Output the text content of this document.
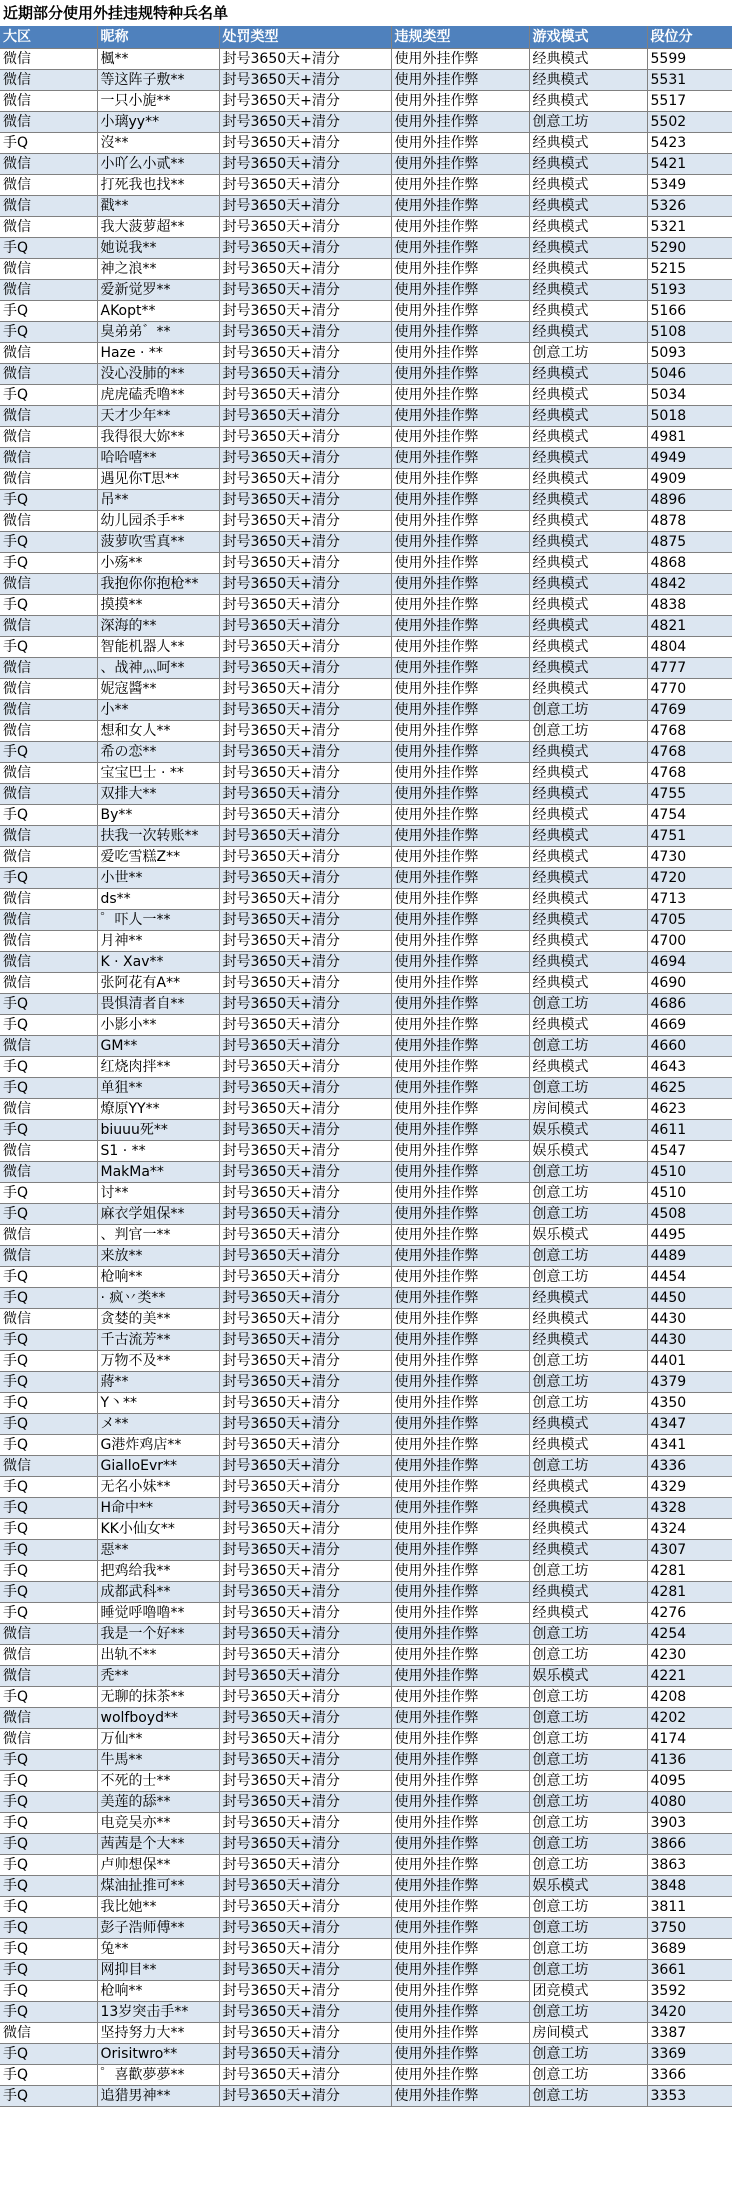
近期部分使用外挂违规特种兵名单
大区	昵称	处罚类型	违规类型	游戏模式	段位分
微信	楓**	封号3650天+清分	使用外挂作弊	经典模式	5599
微信	等这阵子敷**	封号3650天+清分	使用外挂作弊	经典模式	5531
微信	一只小旎**	封号3650天+清分	使用外挂作弊	经典模式	5517
微信	小璃yy**	封号3650天+清分	使用外挂作弊	创意工坊	5502
手Q	沒**	封号3650天+清分	使用外挂作弊	经典模式	5423
微信	小吖么小贰**	封号3650天+清分	使用外挂作弊	经典模式	5421
微信	打死我也找**	封号3650天+清分	使用外挂作弊	经典模式	5349
微信	戳**	封号3650天+清分	使用外挂作弊	经典模式	5326
微信	我大菠萝超**	封号3650天+清分	使用外挂作弊	经典模式	5321
手Q	她说我**	封号3650天+清分	使用外挂作弊	经典模式	5290
微信	神之浪**	封号3650天+清分	使用外挂作弊	经典模式	5215
微信	爱新觉罗**	封号3650天+清分	使用外挂作弊	经典模式	5193
手Q	AKopt**	封号3650天+清分	使用外挂作弊	经典模式	5166
手Q	臭弟弟゛**	封号3650天+清分	使用外挂作弊	经典模式	5108
微信	Haze · **	封号3650天+清分	使用外挂作弊	创意工坊	5093
微信	没心没肺的**	封号3650天+清分	使用外挂作弊	经典模式	5046
手Q	虎虎磕秃噜**	封号3650天+清分	使用外挂作弊	经典模式	5034
微信	天才少年**	封号3650天+清分	使用外挂作弊	经典模式	5018
微信	我得很大妳**	封号3650天+清分	使用外挂作弊	经典模式	4981
微信	哈哈嘻**	封号3650天+清分	使用外挂作弊	经典模式	4949
微信	遇见你T思**	封号3650天+清分	使用外挂作弊	经典模式	4909
手Q	吊**	封号3650天+清分	使用外挂作弊	经典模式	4896
微信	幼儿园杀手**	封号3650天+清分	使用外挂作弊	经典模式	4878
手Q	菠萝吹雪真**	封号3650天+清分	使用外挂作弊	经典模式	4875
手Q	小殇**	封号3650天+清分	使用外挂作弊	经典模式	4868
微信	我抱你你抱枪**	封号3650天+清分	使用外挂作弊	经典模式	4842
手Q	摸摸**	封号3650天+清分	使用外挂作弊	经典模式	4838
微信	深海的**	封号3650天+清分	使用外挂作弊	经典模式	4821
手Q	智能机器人**	封号3650天+清分	使用外挂作弊	经典模式	4804
微信	、战神灬呵**	封号3650天+清分	使用外挂作弊	经典模式	4777
微信	妮寇醬**	封号3650天+清分	使用外挂作弊	经典模式	4770
微信	小**	封号3650天+清分	使用外挂作弊	创意工坊	4769
微信	想和女人**	封号3650天+清分	使用外挂作弊	创意工坊	4768
手Q	希の恋**	封号3650天+清分	使用外挂作弊	经典模式	4768
微信	宝宝巴士 · **	封号3650天+清分	使用外挂作弊	经典模式	4768
微信	双排大**	封号3650天+清分	使用外挂作弊	经典模式	4755
手Q	By**	封号3650天+清分	使用外挂作弊	经典模式	4754
微信	扶我一次转账**	封号3650天+清分	使用外挂作弊	经典模式	4751
微信	爱吃雪糕Z**	封号3650天+清分	使用外挂作弊	经典模式	4730
手Q	小世**	封号3650天+清分	使用外挂作弊	经典模式	4720
微信	ds**	封号3650天+清分	使用外挂作弊	经典模式	4713
微信	゜吓人一**	封号3650天+清分	使用外挂作弊	经典模式	4705
微信	月神**	封号3650天+清分	使用外挂作弊	经典模式	4700
微信	K · Xav**	封号3650天+清分	使用外挂作弊	经典模式	4694
微信	张阿花有A**	封号3650天+清分	使用外挂作弊	经典模式	4690
手Q	畏惧清者自**	封号3650天+清分	使用外挂作弊	创意工坊	4686
手Q	小影小**	封号3650天+清分	使用外挂作弊	经典模式	4669
微信	GM**	封号3650天+清分	使用外挂作弊	创意工坊	4660
手Q	红烧肉拌**	封号3650天+清分	使用外挂作弊	经典模式	4643
手Q	单狙**	封号3650天+清分	使用外挂作弊	创意工坊	4625
微信	燎原YY**	封号3650天+清分	使用外挂作弊	房间模式	4623
手Q	biuuu死**	封号3650天+清分	使用外挂作弊	娱乐模式	4611
微信	S1 · **	封号3650天+清分	使用外挂作弊	娱乐模式	4547
微信	MakMa**	封号3650天+清分	使用外挂作弊	创意工坊	4510
手Q	讨**	封号3650天+清分	使用外挂作弊	创意工坊	4510
手Q	麻衣学姐保**	封号3650天+清分	使用外挂作弊	创意工坊	4508
微信	、判官一**	封号3650天+清分	使用外挂作弊	娱乐模式	4495
微信	来放**	封号3650天+清分	使用外挂作弊	创意工坊	4489
手Q	枪响**	封号3650天+清分	使用外挂作弊	创意工坊	4454
手Q	· 疯丷类**	封号3650天+清分	使用外挂作弊	经典模式	4450
微信	贪婪的美**	封号3650天+清分	使用外挂作弊	经典模式	4430
手Q	千古流芳**	封号3650天+清分	使用外挂作弊	经典模式	4430
手Q	万物不及**	封号3650天+清分	使用外挂作弊	创意工坊	4401
手Q	蔣**	封号3650天+清分	使用外挂作弊	创意工坊	4379
手Q	Y丶**	封号3650天+清分	使用外挂作弊	创意工坊	4350
手Q	メ**	封号3650天+清分	使用外挂作弊	经典模式	4347
手Q	G港炸鸡店**	封号3650天+清分	使用外挂作弊	经典模式	4341
微信	GialloEvr**	封号3650天+清分	使用外挂作弊	创意工坊	4336
手Q	无名小妹**	封号3650天+清分	使用外挂作弊	经典模式	4329
手Q	H命中**	封号3650天+清分	使用外挂作弊	经典模式	4328
手Q	KK小仙女**	封号3650天+清分	使用外挂作弊	经典模式	4324
手Q	惡**	封号3650天+清分	使用外挂作弊	经典模式	4307
手Q	把鸡给我**	封号3650天+清分	使用外挂作弊	创意工坊	4281
手Q	成都武科**	封号3650天+清分	使用外挂作弊	经典模式	4281
手Q	睡觉呼噜噜**	封号3650天+清分	使用外挂作弊	经典模式	4276
微信	我是一个好**	封号3650天+清分	使用外挂作弊	创意工坊	4254
微信	出轨不**	封号3650天+清分	使用外挂作弊	创意工坊	4230
微信	秃**	封号3650天+清分	使用外挂作弊	娱乐模式	4221
手Q	无聊的抹茶**	封号3650天+清分	使用外挂作弊	创意工坊	4208
微信	wolfboyd**	封号3650天+清分	使用外挂作弊	创意工坊	4202
微信	万仙**	封号3650天+清分	使用外挂作弊	创意工坊	4174
手Q	牛馬**	封号3650天+清分	使用外挂作弊	创意工坊	4136
手Q	不死的士**	封号3650天+清分	使用外挂作弊	创意工坊	4095
手Q	美莲的舔**	封号3650天+清分	使用外挂作弊	创意工坊	4080
手Q	电竞吴亦**	封号3650天+清分	使用外挂作弊	创意工坊	3903
手Q	茜茜是个大**	封号3650天+清分	使用外挂作弊	创意工坊	3866
手Q	卢帅想保**	封号3650天+清分	使用外挂作弊	创意工坊	3863
手Q	煤油扯推可**	封号3650天+清分	使用外挂作弊	娱乐模式	3848
手Q	我比她**	封号3650天+清分	使用外挂作弊	创意工坊	3811
手Q	彭子浩师傅**	封号3650天+清分	使用外挂作弊	创意工坊	3750
手Q	兔**	封号3650天+清分	使用外挂作弊	创意工坊	3689
手Q	网抑目**	封号3650天+清分	使用外挂作弊	创意工坊	3661
手Q	枪响**	封号3650天+清分	使用外挂作弊	团竞模式	3592
手Q	13岁突击手**	封号3650天+清分	使用外挂作弊	创意工坊	3420
微信	坚持努力大**	封号3650天+清分	使用外挂作弊	房间模式	3387
手Q	Orisitwro**	封号3650天+清分	使用外挂作弊	创意工坊	3369
手Q	゜喜歡夢夢**	封号3650天+清分	使用外挂作弊	创意工坊	3366
手Q	追猎男神**	封号3650天+清分	使用外挂作弊	创意工坊	3353
